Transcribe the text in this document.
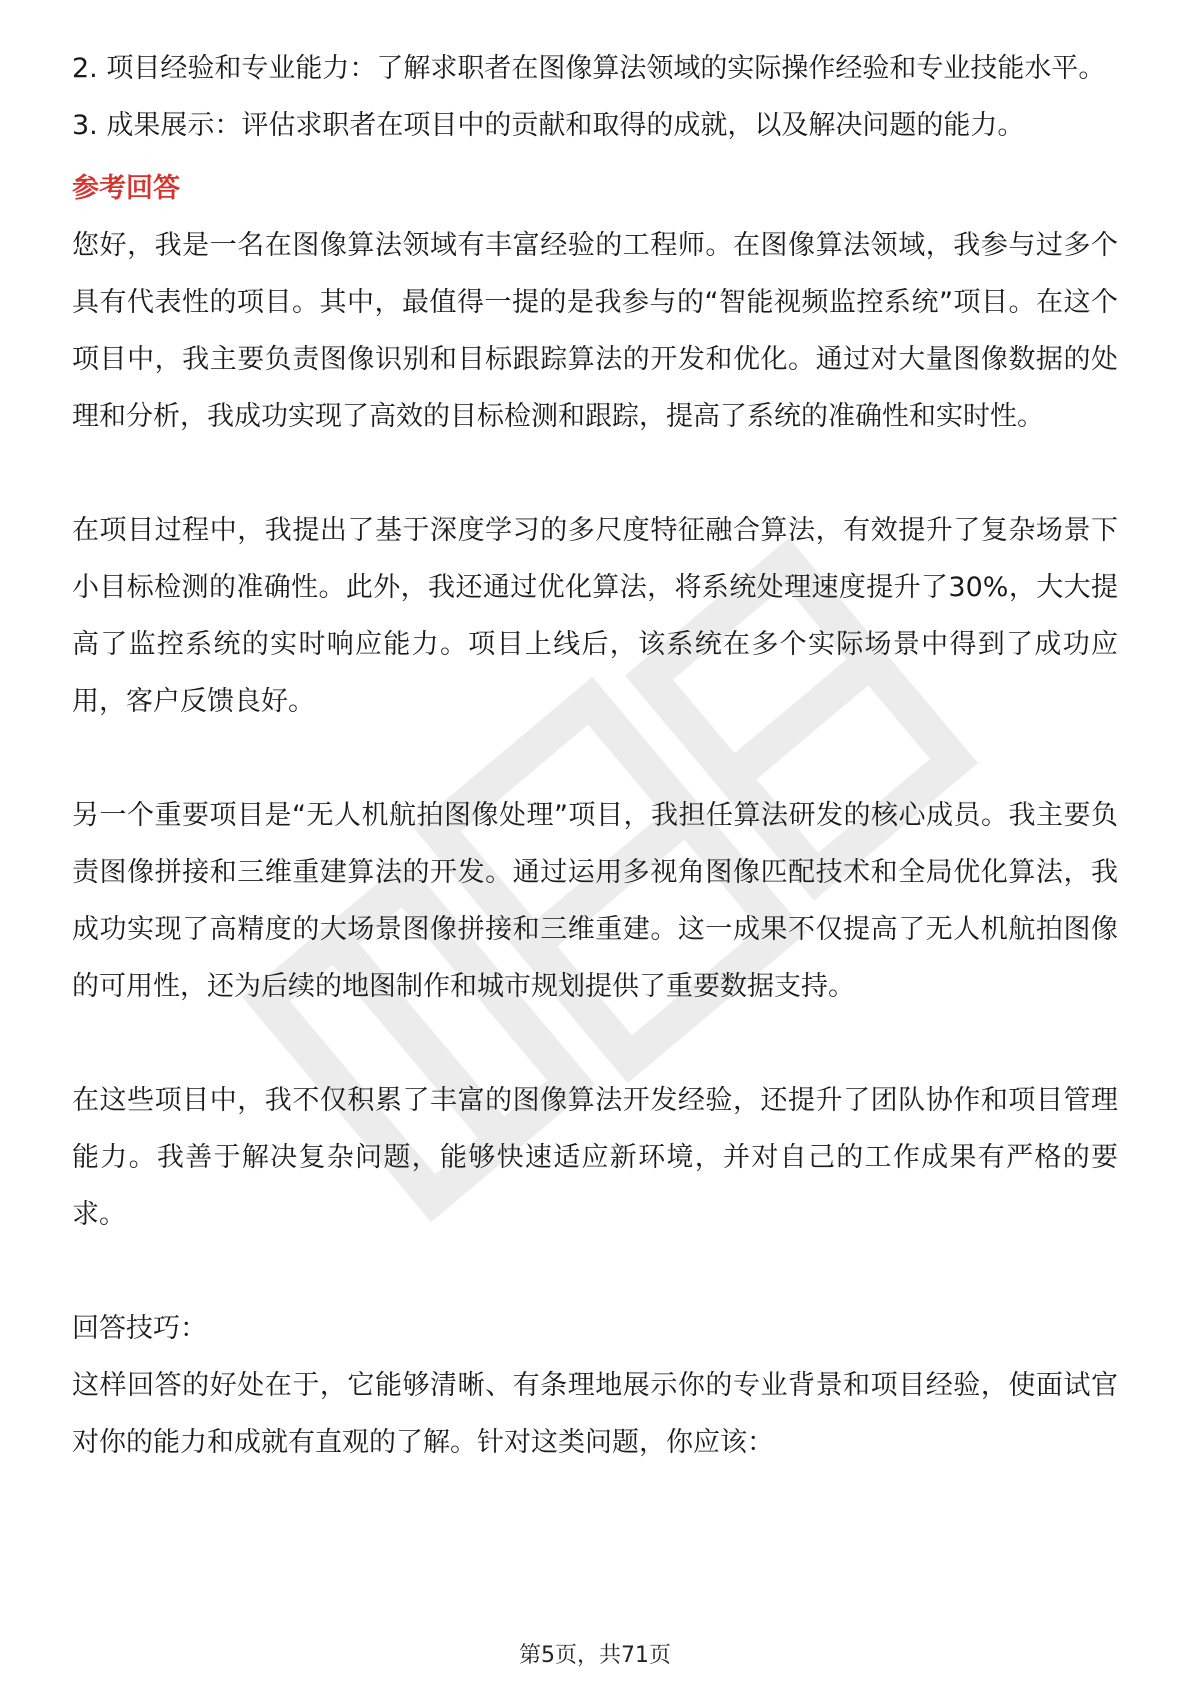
2. 项目经验和专业能力：了解求职者在图像算法领域的实际操作经验和专业技能水平。

3. 成果展示：评估求职者在项目中的贡献和取得的成就，以及解决问题的能力。

参考回答

您好，我是一名在图像算法领域有丰富经验的工程师。在图像算法领域，我参与过多个具有代表性的项目。其中，最值得一提的是我参与的“智能视频监控系统”项目。在这个项目中，我主要负责图像识别和目标跟踪算法的开发和优化。通过对大量图像数据的处理和分析，我成功实现了高效的目标检测和跟踪，提高了系统的准确性和实时性。

在项目过程中，我提出了基于深度学习的多尺度特征融合算法，有效提升了复杂场景下小目标检测的准确性。此外，我还通过优化算法，将系统处理速度提升了30%，大大提高了监控系统的实时响应能力。项目上线后，该系统在多个实际场景中得到了成功应用，客户反馈良好。

另一个重要项目是“无人机航拍图像处理”项目，我担任算法研发的核心成员。我主要负责图像拼接和三维重建算法的开发。通过运用多视角图像匹配技术和全局优化算法，我成功实现了高精度的大场景图像拼接和三维重建。这一成果不仅提高了无人机航拍图像的可用性，还为后续的地图制作和城市规划提供了重要数据支持。

在这些项目中，我不仅积累了丰富的图像算法开发经验，还提升了团队协作和项目管理能力。我善于解决复杂问题，能够快速适应新环境，并对自己的工作成果有严格的要求。

回答技巧：

这样回答的好处在于，它能够清晰、有条理地展示你的专业背景和项目经验，使面试官对你的能力和成就有直观的了解。针对这类问题，你应该：

第5页，共71页
